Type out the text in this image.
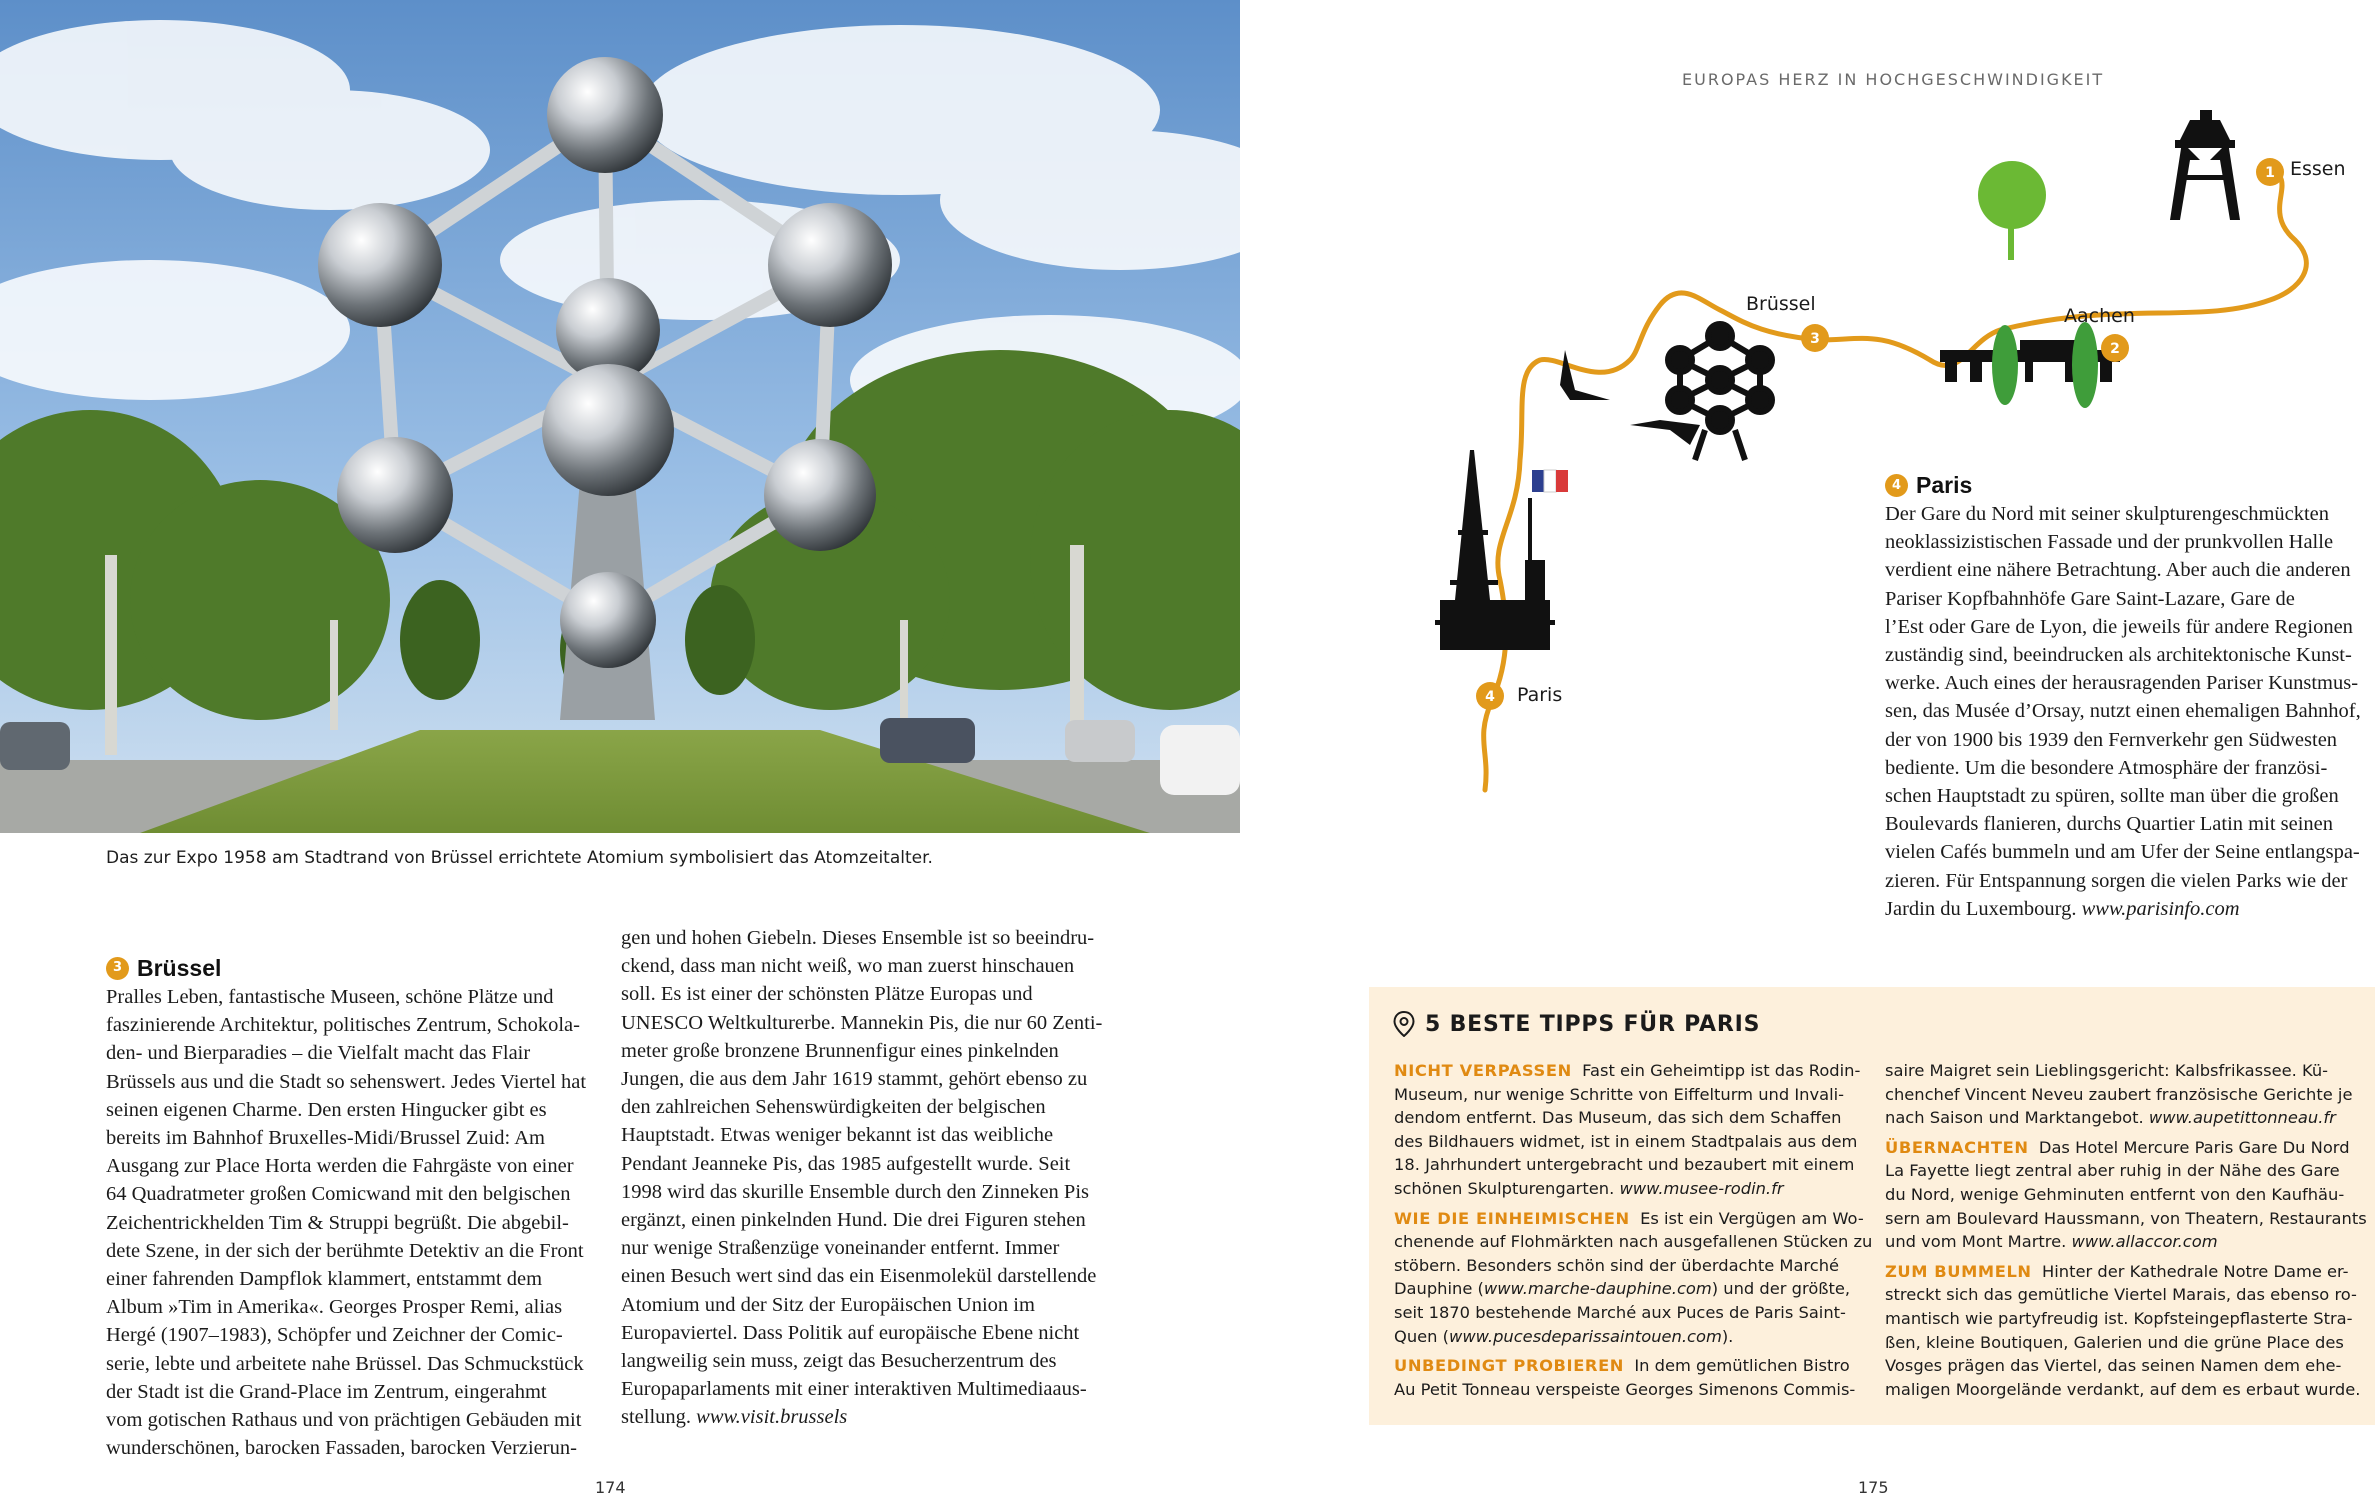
Das zur Expo 1958 am Stadtrand von Brüssel errichtete Atomium symbolisiert das Atomzeitalter.
3 Brüssel

Pralles Leben, fantastische Museen, schöne Plätze und

faszinierende Architektur, politisches Zentrum, Schokola-

den- und Bierparadies – die Vielfalt macht das Flair

Brüssels aus und die Stadt so sehenswert. Jedes Viertel hat

seinen eigenen Charme. Den ersten Hingucker gibt es

bereits im Bahnhof Bruxelles-Midi/Brussel Zuid: Am

Ausgang zur Place Horta werden die Fahrgäste von einer

64 Quadratmeter großen Comicwand mit den belgischen

Zeichentrickhelden Tim & Struppi begrüßt. Die abgebil-

dete Szene, in der sich der berühmte Detektiv an die Front

einer fahrenden Dampflok klammert, entstammt dem

Album »Tim in Amerika«. Georges Prosper Remi, alias

Hergé (1907–1983), Schöpfer und Zeichner der Comic-

serie, lebte und arbeitete nahe Brüssel. Das Schmuckstück

der Stadt ist die Grand-Place im Zentrum, eingerahmt

vom gotischen Rathaus und von prächtigen Gebäuden mit

wunderschönen, barocken Fassaden, barocken Verzierun-

gen und hohen Giebeln. Dieses Ensemble ist so beeindru-

ckend, dass man nicht weiß, wo man zuerst hinschauen

soll. Es ist einer der schönsten Plätze Europas und

UNESCO Weltkulturerbe. Mannekin Pis, die nur 60 Zenti-

meter große bronzene Brunnenfigur eines pinkelnden

Jungen, die aus dem Jahr 1619 stammt, gehört ebenso zu

den zahlreichen Sehenswürdigkeiten der belgischen

Hauptstadt. Etwas weniger bekannt ist das weibliche

Pendant Jeanneke Pis, das 1985 aufgestellt wurde. Seit

1998 wird das skurille Ensemble durch den Zinneken Pis

ergänzt, einen pinkelnden Hund. Die drei Figuren stehen

nur wenige Straßenzüge voneinander entfernt. Immer

einen Besuch wert sind das ein Eisenmolekül darstellende

Atomium und der Sitz der Europäischen Union im

Europaviertel. Dass Politik auf europäische Ebene nicht

langweilig sein muss, zeigt das Besucherzentrum des

Europaparlaments mit einer interaktiven Multimediaaus-

stellung. www.visit.brussels

174
EUROPAS HERZ IN HOCHGESCHWINDIGKEIT
1
2
3
4
Essen
Aachen
Brüssel
Paris
4 Paris

Der Gare du Nord mit seiner skulpturengeschmückten

neoklassizistischen Fassade und der prunkvollen Halle

verdient eine nähere Betrachtung. Aber auch die anderen

Pariser Kopfbahnhöfe Gare Saint-Lazare, Gare de

l’Est oder Gare de Lyon, die jeweils für andere Regionen

zuständig sind, beeindrucken als architektonische Kunst-

werke. Auch eines der herausragenden Pariser Kunstmus-

sen, das Musée d’Orsay, nutzt einen ehemaligen Bahnhof,

der von 1900 bis 1939 den Fernverkehr gen Südwesten

bediente. Um die besondere Atmosphäre der französi-

schen Hauptstadt zu spüren, sollte man über die großen

Boulevards flanieren, durchs Quartier Latin mit seinen

vielen Cafés bummeln und am Ufer der Seine entlangspa-

zieren. Für Entspannung sorgen die vielen Parks wie der

Jardin du Luxembourg. www.parisinfo.com

5 BESTE TIPPS FÜR PARIS

NICHT VERPASSEN Fast ein Geheimtipp ist das Rodin-

Museum, nur wenige Schritte von Eiffelturm und Invali-

dendom entfernt. Das Museum, das sich dem Schaffen

des Bildhauers widmet, ist in einem Stadtpalais aus dem

18. Jahrhundert untergebracht und bezaubert mit einem

schönen Skulpturengarten. www.musee-rodin.fr

WIE DIE EINHEIMISCHEN Es ist ein Vergügen am Wo-

chenende auf Flohmärkten nach ausgefallenen Stücken zu

stöbern. Besonders schön sind der überdachte Marché

Dauphine (www.marche-dauphine.com) und der größte,

seit 1870 bestehende Marché aux Puces de Paris Saint-

Quen (www.pucesdeparissaintouen.com).

UNBEDINGT PROBIEREN In dem gemütlichen Bistro

Au Petit Tonneau verspeiste Georges Simenons Commis-

saire Maigret sein Lieblingsgericht: Kalbsfrikassee. Kü-

chenchef Vincent Neveu zaubert französische Gerichte je

nach Saison und Marktangebot. www.aupetittonneau.fr

ÜBERNACHTEN Das Hotel Mercure Paris Gare Du Nord

La Fayette liegt zentral aber ruhig in der Nähe des Gare

du Nord, wenige Gehminuten entfernt von den Kaufhäu-

sern am Boulevard Haussmann, von Theatern, Restaurants

und vom Mont Martre. www.allaccor.com

ZUM BUMMELN Hinter der Kathedrale Notre Dame er-

streckt sich das gemütliche Viertel Marais, das ebenso ro-

mantisch wie partyfreudig ist. Kopfsteingepflasterte Stra-

ßen, kleine Boutiquen, Galerien und die grüne Place des

Vosges prägen das Viertel, das seinen Namen dem ehe-

maligen Moorgelände verdankt, auf dem es erbaut wurde.

175
